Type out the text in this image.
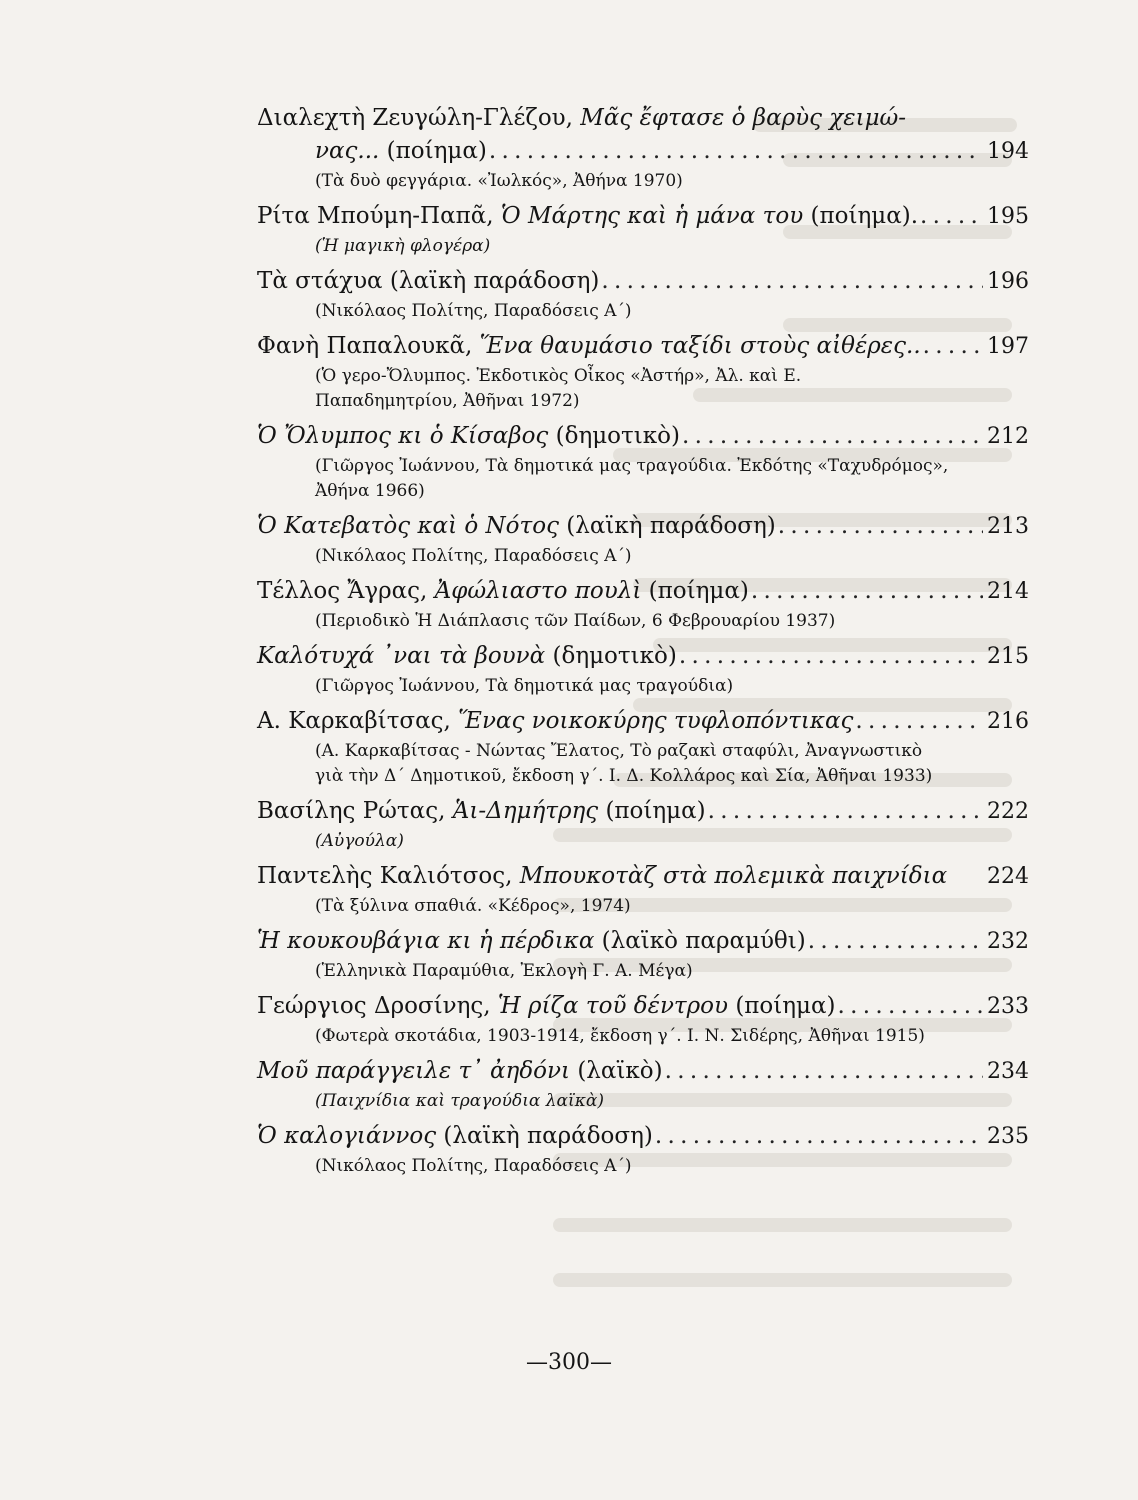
Διαλεχτὴ Ζευγώλη-Γλέζου, Μᾶς ἔφτασε ὁ βαρὺς χειμώ-
νας... (ποίημα) . . .	194
(Τὰ δυὸ φεγγάρια. «Ἰωλκός», Ἀθήνα 1970)
Ρίτα Μπούμη-Παπᾶ, Ὁ Μάρτης καὶ ἡ μάνα του (ποίημα). . . .	195
(Ἡ μαγικὴ φλογέρα)
Τὰ στάχυα (λαϊκὴ παράδοση) . . .	196
(Νικόλαος Πολίτης, Παραδόσεις Α΄)
Φανὴ Παπαλουκᾶ, Ἕνα θαυμάσιο ταξίδι στοὺς αἰθέρες.. . . .	197
(Ὁ γερο-Ὄλυμπος. Ἐκδοτικὸς Οἶκος «Ἀστήρ», Ἀλ. καὶ Ε. Παπαδημητρίου, Ἀθῆναι 1972)
Ὁ Ὄλυμπος κι ὁ Κίσαβος (δημοτικὸ) . . .	212
(Γιῶργος Ἰωάννου, Τὰ δημοτικά μας τραγούδια. Ἐκδότης «Ταχυδρόμος», Ἀθήνα 1966)
Ὁ Κατεβατὸς καὶ ὁ Νότος (λαϊκὴ παράδοση) . . .	213
(Νικόλαος Πολίτης, Παραδόσεις Α΄)
Τέλλος Ἄγρας, Ἀφώλιαστο πουλὶ (ποίημα) . . .	214
(Περιοδικὸ Ἡ Διάπλασις τῶν Παίδων, 6 Φεβρουαρίου 1937)
Καλότυχά ᾿ναι τὰ βουνὰ (δημοτικὸ) . . .	215
(Γιῶργος Ἰωάννου, Τὰ δημοτικά μας τραγούδια)
Α. Καρκαβίτσας, Ἕνας νοικοκύρης τυφλοπόντικας . . .	216
(Α. Καρκαβίτσας - Νώντας Ἔλατος, Τὸ ραζακὶ σταφύλι, Ἀναγνωστικὸ γιὰ τὴν Δ΄ Δημοτικοῦ, ἔκδοση γ΄. Ι. Δ. Κολλάρος καὶ Σία, Ἀθῆναι 1933)
Βασίλης Ρώτας, Ἁι-Δημήτρης (ποίημα) . . .	222
(Αὐγούλα)
Παντελὴς Καλιότσος, Μπουκοτὰζ στὰ πολεμικὰ παιχνίδια 224
(Τὰ ξύλινα σπαθιά. «Κέδρος», 1974)
Ἡ κουκουβάγια κι ἡ πέρδικα (λαϊκὸ παραμύθι) . . .	232
(Ἑλληνικὰ Παραμύθια, Ἐκλογὴ Γ. Α. Μέγα)
Γεώργιος Δροσίνης, Ἡ ρίζα τοῦ δέντρου (ποίημα) . . .	233
(Φωτερὰ σκοτάδια, 1903-1914, ἔκδοση γ΄. Ι. Ν. Σιδέρης, Ἀθῆναι 1915)
Μοῦ παράγγειλε τ᾿ ἀηδόνι (λαϊκὸ) . . .	234
(Παιχνίδια καὶ τραγούδια λαϊκὰ)
Ὁ καλογιάννος (λαϊκὴ παράδοση) . . .	235
(Νικόλαος Πολίτης, Παραδόσεις Α΄)
—300—
